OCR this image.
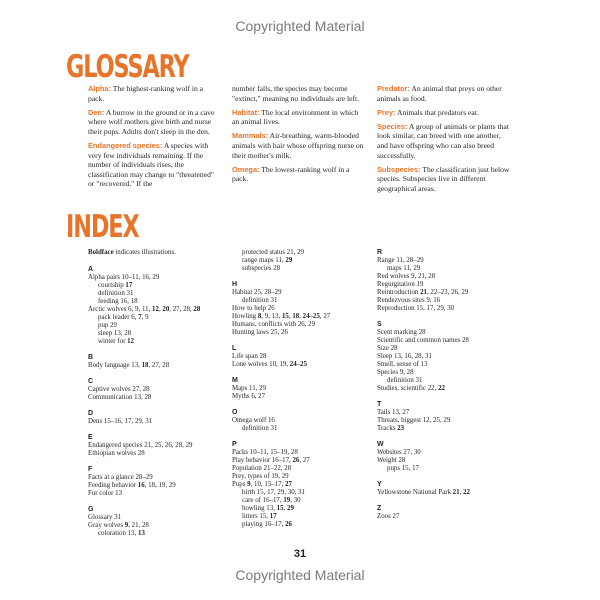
Copyrighted Material
GLOSSARY

Alpha: The highest-ranking wolf in a pack.

Den: A burrow in the ground or in a cave where wolf mothers give birth and nurse their pups. Adults don't sleep in the den.

Endangered species: A species with very few individuals remaining. If the number of individuals rises, the classification may change to "threatened" or "recovered." If the

number falls, the species may become "extinct," meaning no individuals are left.

Habitat: The local environment in which an animal lives.

Mammals: Air-breathing, warm-blooded animals with hair whose offspring nurse on their mother's milk.

Omega: The lowest-ranking wolf in a pack.

Predator: An animal that preys on other animals as food.

Prey: Animals that predators eat.

Species: A group of animals or plants that look similar, can breed with one another, and have offspring who can also breed successfully.

Subspecies: The classification just below species. Subspecies live in different geographical areas.

INDEX
Boldface indicates illustrations.
A
Alpha pairs 10–11, 16, 29
courtship 17
definition 31
feeding 16, 18
Arctic wolves 6, 9, 11, 12, 20, 27, 28, 28
pack leader 6, 7, 9
pup 29
sleep 13, 28
winter for 12
B
Body language 13, 18, 27, 28
C
Captive wolves 27, 28
Communication 13, 28
D
Dens 15–16, 17, 29, 31
E
Endangered species 21, 25, 26, 28, 29
Ethiopian wolves 28
F
Facts at a glance 28–29
Feeding behavior 16, 18, 19, 29
Fur color 13
G
Glossary 31
Gray wolves 9, 21, 28
coloration 13, 13
protected status 21, 29
range maps 11, 29
subspecies 28
H
Habitat 25, 28–29
definition 31
How to help 26
Howling 8, 9, 13, 15, 18, 24–25, 27
Humans, conflicts with 26, 29
Hunting laws 25, 26
L
Life span 28
Lone wolves 10, 19, 24–25
M
Maps 11, 29
Myths 6, 27
O
Omega wolf 16
definition 31
P
Packs 10–11, 15–19, 28
Play behavior 16–17, 26, 27
Population 21–22, 28
Prey, types of 19, 29
Pups 9, 10, 15–17, 27
birth 15, 17, 29, 30, 31
care of 16–17, 19, 30
howling 13, 15, 29
litters 15, 17
playing 16–17, 26
R
Range 11, 28–29
maps 11, 29
Red wolves 9, 21, 28
Regurgitation 19
Reintroduction 21, 22–23, 26, 29
Rendezvous sites 9, 16
Reproduction 15, 17, 29, 30
S
Scent marking 28
Scientific and common names 28
Size 28
Sleep 13, 16, 28, 31
Smell, sense of 13
Species 9, 28
definition 31
Studies, scientific 22, 22
T
Tails 13, 27
Threats, biggest 12, 25, 29
Tracks 23
W
Websites 27, 30
Weight 28
pups 15, 17
Y
Yellowstone National Park 21, 22
Z
Zoos 27
31
Copyrighted Material
